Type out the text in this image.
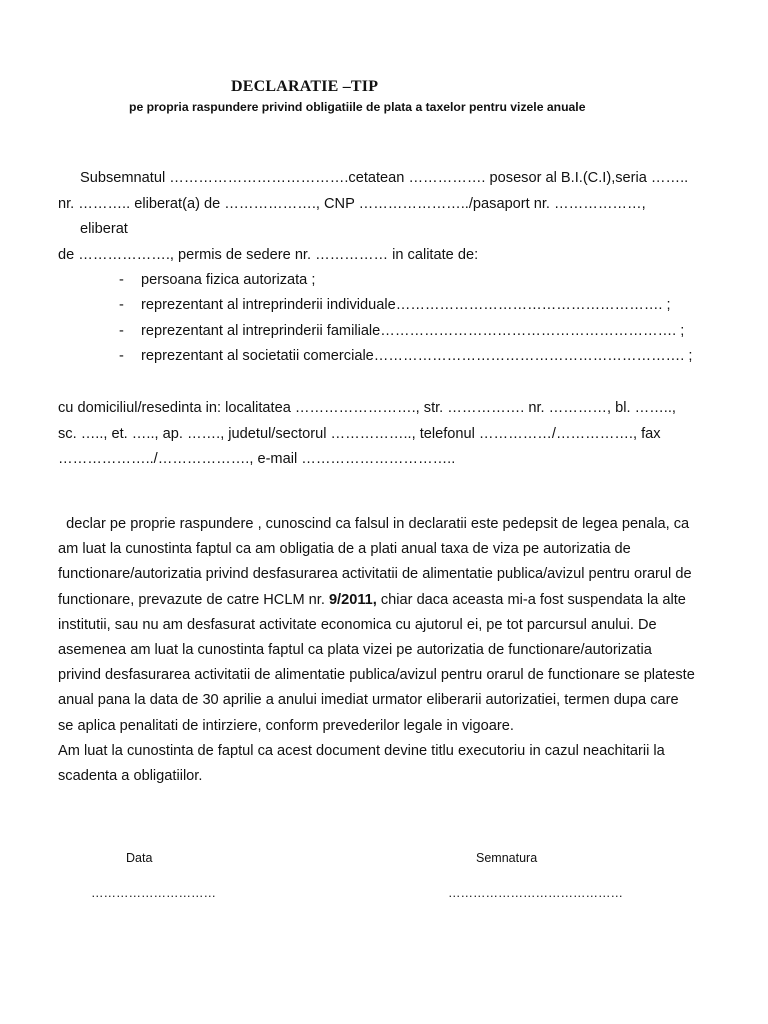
DECLARATIE –TIP
pe propria raspundere privind obligatiile de plata a taxelor pentru vizele anuale
Subsemnatul ……………………………….cetatean ……………. posesor al B.I.(C.I),seria ……..
nr. ……….. eliberat(a) de ………………., CNP …………………../pasaport nr. ………………,
eliberat
de ………………., permis de sedere nr. …………… in calitate de:
- persoana fizica autorizata ;
- reprezentant al intreprinderii individuale………………………………………………. ;
- reprezentant al intreprinderii familiale……………………………………………………. ;
- reprezentant al societatii comerciale………………………………………………………. ;
cu domiciliul/resedinta in: localitatea ……………………., str. ……………. nr. …………, bl. ……..,
sc. ….., et. ….., ap. ……., judetul/sectorul …………….., telefonul ……………/……………., fax
………………../………………., e-mail …………………………..

declar pe proprie raspundere , cunoscind ca falsul in declaratii este pedepsit de legea penala, ca am luat la cunostinta faptul ca am obligatia de a plati anual taxa de viza pe autorizatia de functionare/autorizatia privind desfasurarea activitatii de alimentatie publica/avizul pentru orarul de functionare, prevazute de catre HCLM nr. 9/2011, chiar daca aceasta mi-a fost suspendata la alte institutii, sau nu am desfasurat activitate economica cu ajutorul ei, pe tot parcursul anului. De asemenea am luat la cunostinta faptul ca plata vizei pe autorizatia de functionare/autorizatia privind desfasurarea activitatii de alimentatie publica/avizul pentru orarul de functionare se plateste anual pana la data de 30 aprilie a anului imediat urmator eliberarii autorizatiei, termen dupa care se aplica penalitati de intirziere, conform prevederilor legale in vigoare.

Am luat la cunostinta de faptul ca acest document devine titlu executoriu in cazul neachitarii la scadenta a obligatiilor.

Data
…………………………
Semnatura
……………………………………
